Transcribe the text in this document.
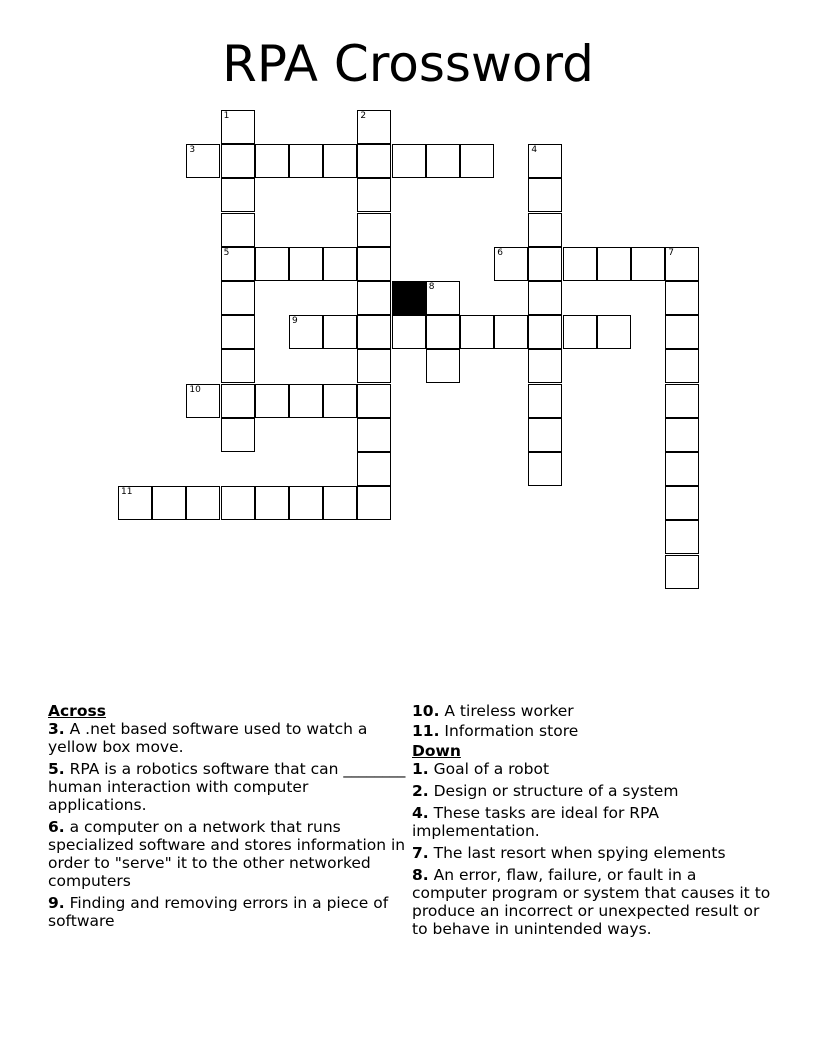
RPA Crossword
1	2
3	4
5	6	7
8
9
10
11
Across
3. A .net based software used to watch a yellow box move.
5. RPA is a robotics software that can ________ human interaction with computer applications.
6. a computer on a network that runs specialized software and stores information in order to "serve" it to the other networked computers
9. Finding and removing errors in a piece of software
10. A tireless worker
11. Information store
Down
1. Goal of a robot
2. Design or structure of a system
4. These tasks are ideal for RPA implementation.
7. The last resort when spying elements
8. An error, flaw, failure, or fault in a computer program or system that causes it to produce an incorrect or unexpected result or to behave in unintended ways.
